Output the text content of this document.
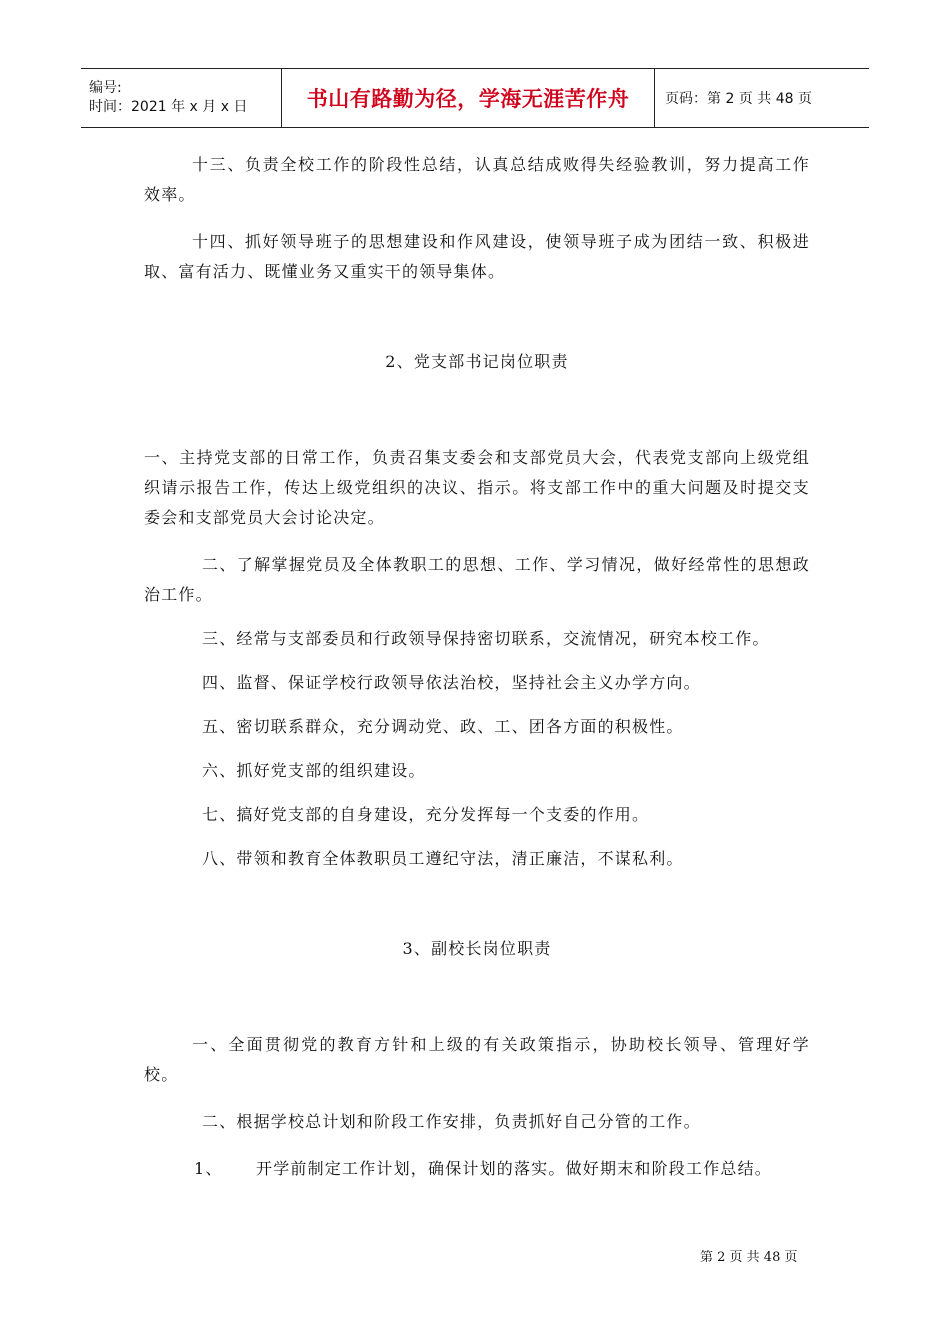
编号:
时间：2021 年 x 月 x 日	书山有路勤为径，学海无涯苦作舟	页码：第 2 页 共 48 页

十三、负责全校工作的阶段性总结，认真总结成败得失经验教训，努力提高工作效率。

十四、抓好领导班子的思想建设和作风建设，使领导班子成为团结一致、积极进取、富有活力、既懂业务又重实干的领导集体。

2、党支部书记岗位职责

一、主持党支部的日常工作，负责召集支委会和支部党员大会，代表党支部向上级党组织请示报告工作，传达上级党组织的决议、指示。将支部工作中的重大问题及时提交支委会和支部党员大会讨论决定。

二、了解掌握党员及全体教职工的思想、工作、学习情况，做好经常性的思想政治工作。

三、经常与支部委员和行政领导保持密切联系，交流情况，研究本校工作。

四、监督、保证学校行政领导依法治校，坚持社会主义办学方向。

五、密切联系群众，充分调动党、政、工、团各方面的积极性。

六、抓好党支部的组织建设。

七、搞好党支部的自身建设，充分发挥每一个支委的作用。

八、带领和教育全体教职员工遵纪守法，清正廉洁，不谋私利。

3、副校长岗位职责

一、全面贯彻党的教育方针和上级的有关政策指示，协助校长领导、管理好学校。

二、根据学校总计划和阶段工作安排，负责抓好自己分管的工作。

1、 开学前制定工作计划，确保计划的落实。做好期末和阶段工作总结。

第 2 页 共 48 页
